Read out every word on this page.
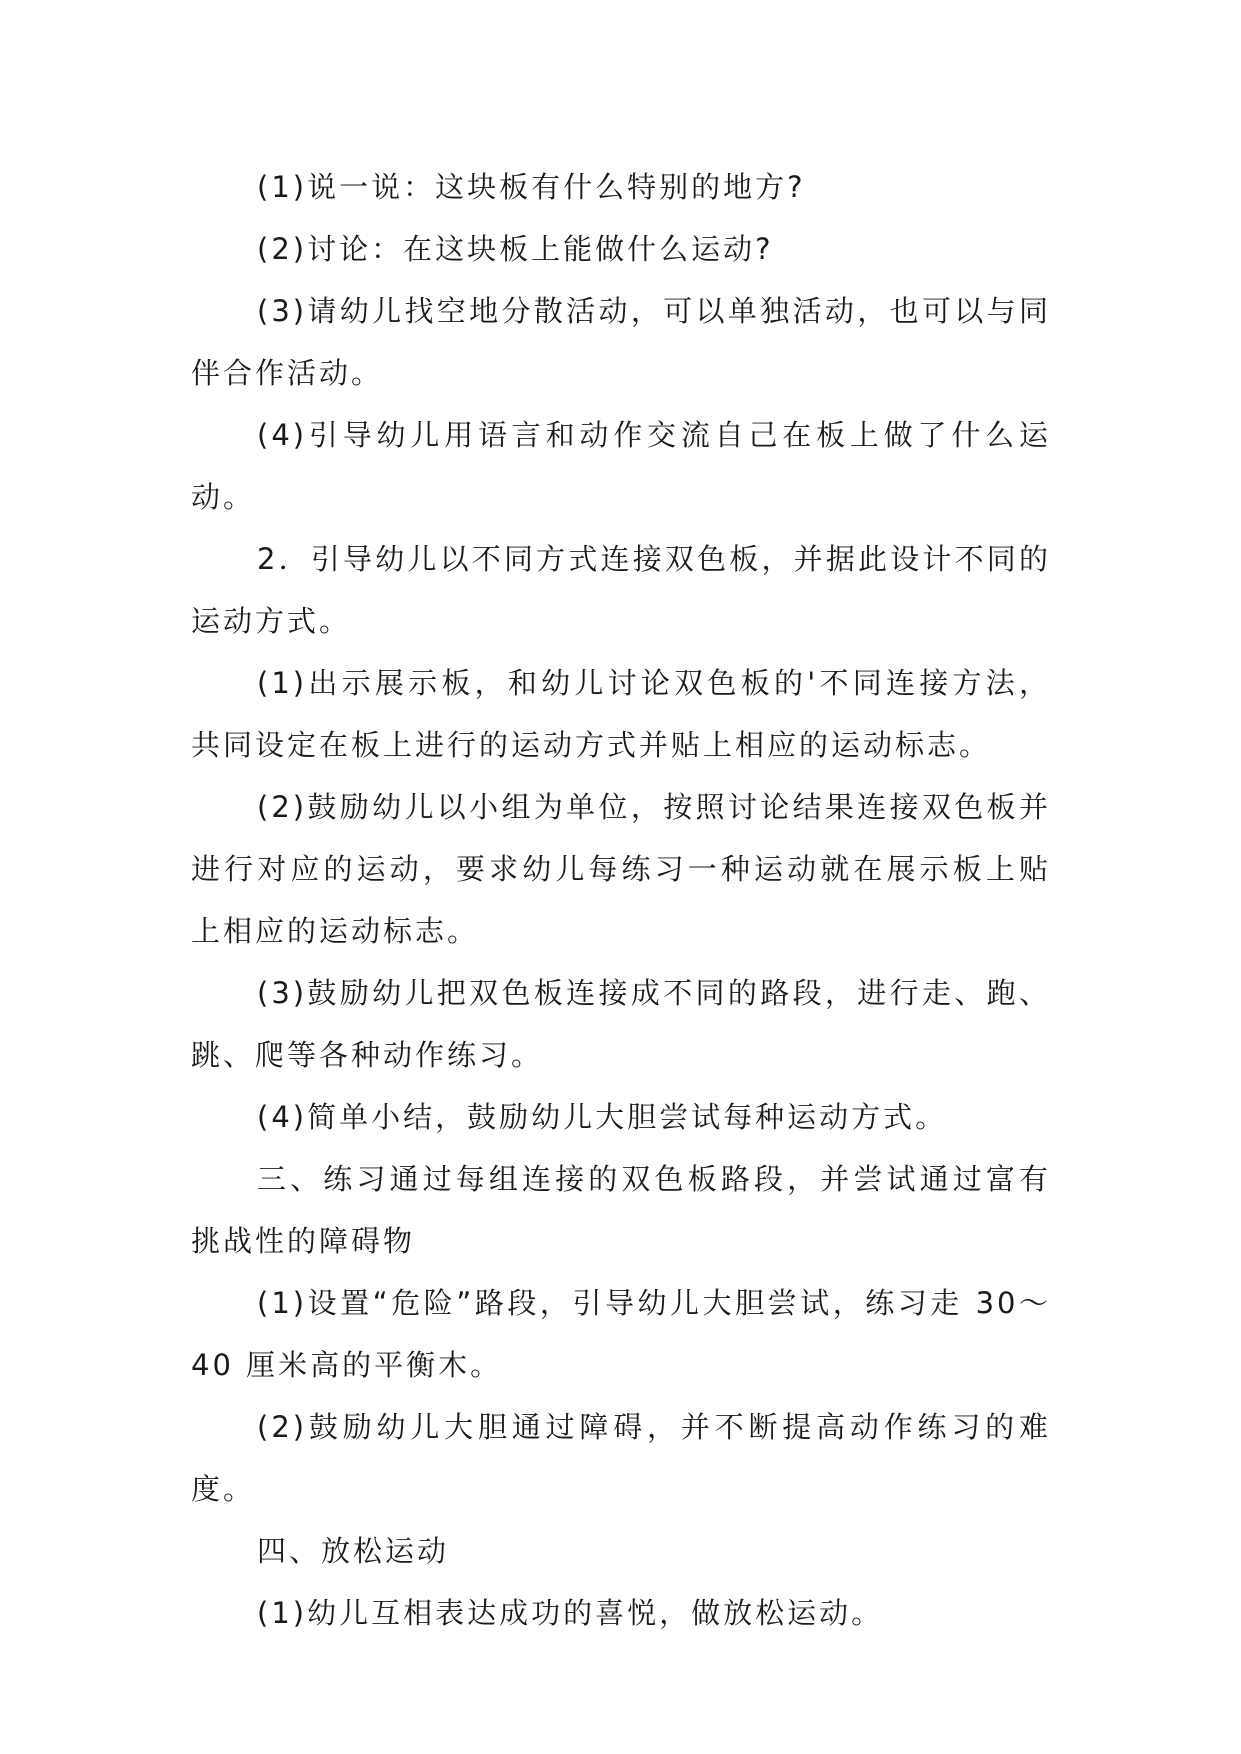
(1)说一说：这块板有什么特别的地方?

(2)讨论：在这块板上能做什么运动?

(3)请幼儿找空地分散活动，可以单独活动，也可以与同伴合作活动。

(4)引导幼儿用语言和动作交流自己在板上做了什么运动。

2．引导幼儿以不同方式连接双色板，并据此设计不同的运动方式。

(1)出示展示板，和幼儿讨论双色板的'不同连接方法，共同设定在板上进行的运动方式并贴上相应的运动标志。

(2)鼓励幼儿以小组为单位，按照讨论结果连接双色板并进行对应的运动，要求幼儿每练习一种运动就在展示板上贴上相应的运动标志。

(3)鼓励幼儿把双色板连接成不同的路段，进行走、跑、跳、爬等各种动作练习。

(4)简单小结，鼓励幼儿大胆尝试每种运动方式。

三、练习通过每组连接的双色板路段，并尝试通过富有挑战性的障碍物

(1)设置“危险”路段，引导幼儿大胆尝试，练习走 30～40 厘米高的平衡木。

(2)鼓励幼儿大胆通过障碍，并不断提高动作练习的难度。

四、放松运动

(1)幼儿互相表达成功的喜悦，做放松运动。
